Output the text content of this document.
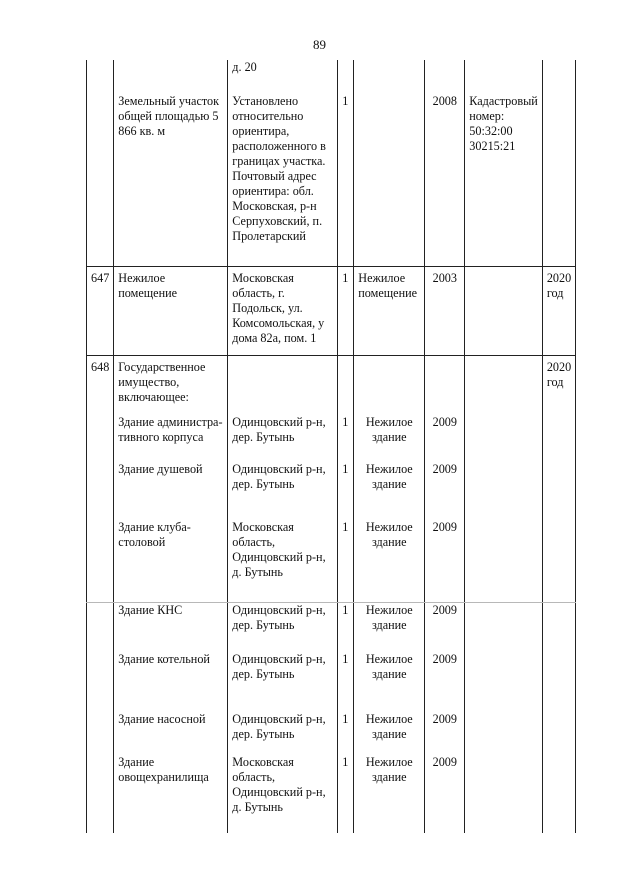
89
		д. 20					
	Земельный участок общей площадью 5 866 кв. м	Установлено относительно ориентира, расположенного в границах участка. Почтовый адрес ориентира: обл. Московская, р-н Серпуховский, п. Пролетарский	1		2008	Кадастровый номер: 50:32:00 30215:21	
647	Нежилое помещение	Московская область, г. Подольск, ул. Комсомольская, у дома 82а, пом. 1	1	Нежилое помещение	2003		2020 год
648	Государственное имущество, включающее:						2020 год
	Здание администра-тивного корпуса	Одинцовский р-н, дер. Бутынь	1	Нежилое здание	2009		
	Здание душевой	Одинцовский р-н, дер. Бутынь	1	Нежилое здание	2009		
	Здание клуба-столовой	Московская область, Одинцовский р-н, д. Бутынь	1	Нежилое здание	2009		
	Здание КНС	Одинцовский р-н, дер. Бутынь	1	Нежилое здание	2009		
	Здание котельной	Одинцовский р-н, дер. Бутынь	1	Нежилое здание	2009		
	Здание насосной	Одинцовский р-н, дер. Бутынь	1	Нежилое здание	2009		
	Здание овощехранилища	Московская область, Одинцовский р-н, д. Бутынь	1	Нежилое здание	2009		
